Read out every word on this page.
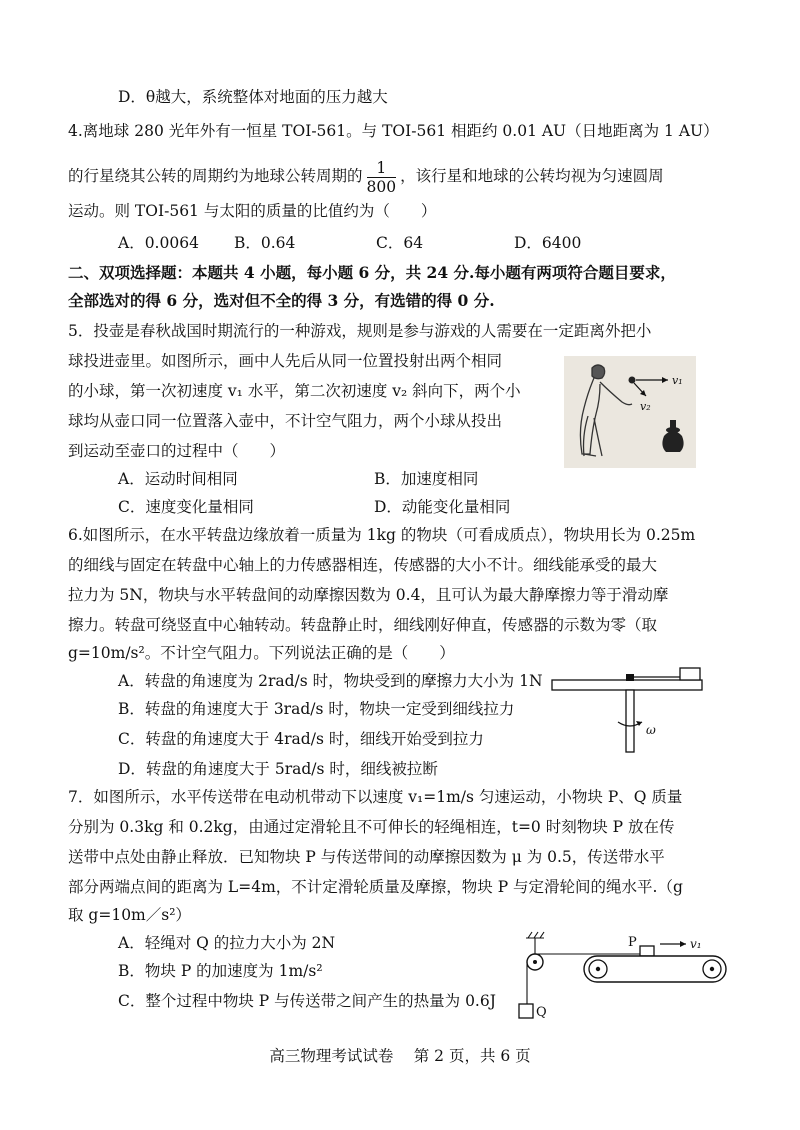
D．θ越大，系统整体对地面的压力越大
4.离地球 280 光年外有一恒星 TOI-561。与 TOI-561 相距约 0.01 AU（日地距离为 1 AU）
的行星绕其公转的周期约为地球公转周期的 $\frac{1}{800}$ ，该行星和地球的公转均视为匀速圆周
运动。则 TOI-561 与太阳的质量的比值约为（　　）
A．0.0064 B．0.64	C．64	D．6400
二、双项选择题：本题共 4 小题，每小题 6 分，共 24 分.每小题有两项符合题目要求，
全部选对的得 6 分，选对但不全的得 3 分，有选错的得 0 分.
5．投壶是春秋战国时期流行的一种游戏，规则是参与游戏的人需要在一定距离外把小
球投进壶里。如图所示，画中人先后从同一位置投射出两个相同
的小球，第一次初速度 v₁ 水平，第二次初速度 v₂ 斜向下，两个小
球均从壶口同一位置落入壶中，不计空气阻力，两个小球从投出
到运动至壶口的过程中（　　）
A．运动时间相同	B．加速度相同
C．速度变化量相同	D．动能变化量相同
v₁
v₂
6.如图所示，在水平转盘边缘放着一质量为 1kg 的物块（可看成质点），物块用长为 0.25m
的细线与固定在转盘中心轴上的力传感器相连，传感器的大小不计。细线能承受的最大
拉力为 5N，物块与水平转盘间的动摩擦因数为 0.4，且可认为最大静摩擦力等于滑动摩
擦力。转盘可绕竖直中心轴转动。转盘静止时，细线刚好伸直，传感器的示数为零（取
g=10m/s²。不计空气阻力。下列说法正确的是（　　）
A．转盘的角速度为 2rad/s 时，物块受到的摩擦力大小为 1N
B．转盘的角速度大于 3rad/s 时，物块一定受到细线拉力
C．转盘的角速度大于 4rad/s 时，细线开始受到拉力
D．转盘的角速度大于 5rad/s 时，细线被拉断
ω
7．如图所示，水平传送带在电动机带动下以速度 v₁=1m/s 匀速运动，小物块 P、Q 质量
分别为 0.3kg 和 0.2kg，由通过定滑轮且不可伸长的轻绳相连，t=0 时刻物块 P 放在传
送带中点处由静止释放．已知物块 P 与传送带间的动摩擦因数为 μ 为 0.5，传送带水平
部分两端点间的距离为 L=4m，不计定滑轮质量及摩擦，物块 P 与定滑轮间的绳水平.（g
取 g=10m／s²）
A．轻绳对 Q 的拉力大小为 2N
B．物块 P 的加速度为 1m/s²
C．整个过程中物块 P 与传送带之间产生的热量为 0.6J
Q
P	v₁
高三物理考试试卷　 第 2 页，共 6 页
